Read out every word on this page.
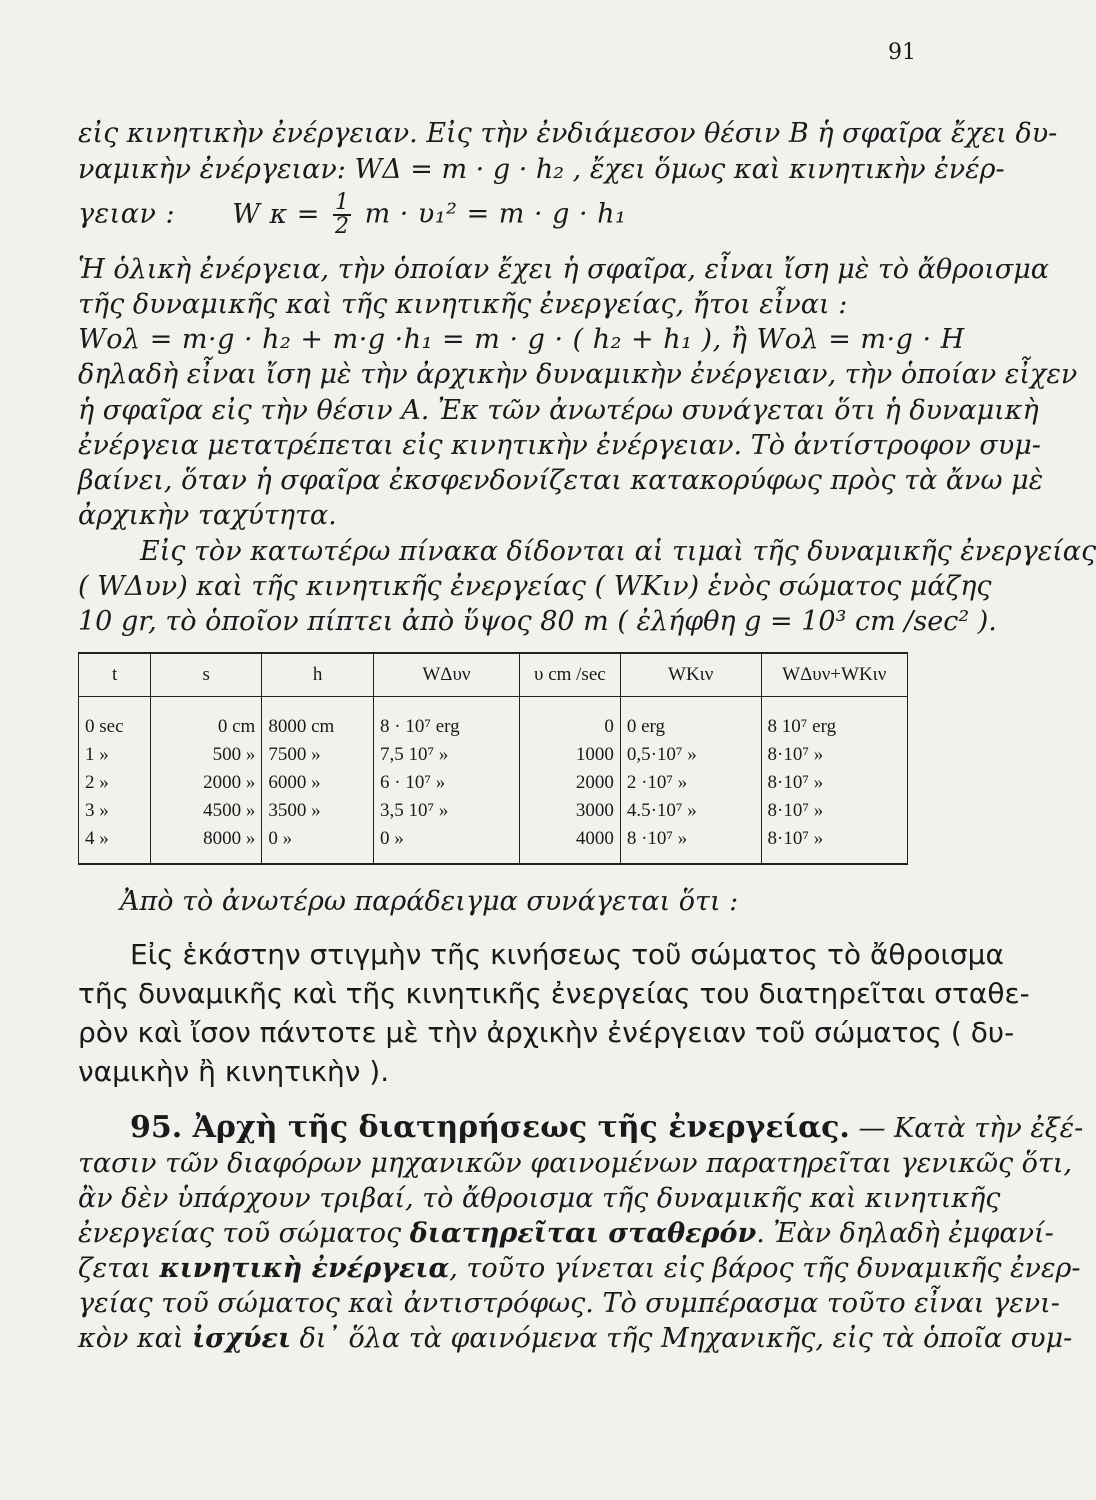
91
εἰς κινητικὴν ἐνέργειαν. Εἰς τὴν ἐνδιάμεσον θέσιν Β ἡ σφαῖρα ἔχει δυ-
ναμικὴν ἐνέργειαν: WΔ = m · g · h₂ , ἔχει ὅμως καὶ κινητικὴν ἐνέρ-
γειαν : W $\kappa = \frac{1}{2}$ m · υ₁² = m · g · h₁
Ἡ ὁλικὴ ἐνέργεια, τὴν ὁποίαν ἔχει ἡ σφαῖρα, εἶναι ἴση μὲ τὸ ἄθροισμα
τῆς δυναμικῆς καὶ τῆς κινητικῆς ἐνεργείας, ἤτοι εἶναι :
Wολ = m·g · h₂ + m·g ·h₁ = m · g · ( h₂ + h₁ ), ἢ Wολ = m·g · H
δηλαδὴ εἶναι ἴση μὲ τὴν ἀρχικὴν δυναμικὴν ἐνέργειαν, τὴν ὁποίαν εἶχεν
ἡ σφαῖρα εἰς τὴν θέσιν Α. Ἐκ τῶν ἀνωτέρω συνάγεται ὅτι ἡ δυναμικὴ
ἐνέργεια μετατρέπεται εἰς κινητικὴν ἐνέργειαν. Τὸ ἀντίστροφον συμ-
βαίνει, ὅταν ἡ σφαῖρα ἐκσφενδονίζεται κατακορύφως πρὸς τὰ ἄνω μὲ
ἀρχικὴν ταχύτητα.
Εἰς τὸν κατωτέρω πίνακα δίδονται αἱ τιμαὶ τῆς δυναμικῆς ἐνεργείας
( WΔυν) καὶ τῆς κινητικῆς ἐνεργείας ( WΚιν) ἑνὸς σώματος μάζης
10 gr, τὸ ὁποῖον πίπτει ἀπὸ ὕψος 80 m ( ἐλήφθη g = 10³ cm /sec² ).
t	s	h	WΔυν	υ cm /sec	WΚιν	WΔυν+WΚιν
0 sec	0 cm	8000 cm	8 · 10⁷ erg	0	0 erg	8 10⁷ erg
1 »	500 »	7500 »	7,5 10⁷ »	1000	0,5·10⁷ »	8·10⁷ »
2 »	2000 »	6000 »	6 · 10⁷ »	2000	2 ·10⁷ »	8·10⁷ »
3 »	4500 »	3500 »	3,5 10⁷ »	3000	4.5·10⁷ »	8·10⁷ »
4 »	8000 »	0 »	0 »	4000	8 ·10⁷ »	8·10⁷ »
Ἀπὸ τὸ ἀνωτέρω παράδειγμα συνάγεται ὅτι :
Εἰς ἑκάστην στιγμὴν τῆς κινήσεως τοῦ σώματος τὸ ἄθροισμα
τῆς δυναμικῆς καὶ τῆς κινητικῆς ἐνεργείας του διατηρεῖται σταθε-
ρὸν καὶ ἴσον πάντοτε μὲ τὴν ἀρχικὴν ἐνέργειαν τοῦ σώματος ( δυ-
ναμικὴν ἢ κινητικὴν ).
95. Ἀρχὴ τῆς διατηρήσεως τῆς ἐνεργείας. — Κατὰ τὴν ἐξέ-
τασιν τῶν διαφόρων μηχανικῶν φαινομένων παρατηρεῖται γενικῶς ὅτι,
ἂν δὲν ὑπάρχουν τριβαί, τὸ ἄθροισμα τῆς δυναμικῆς καὶ κινητικῆς
ἐνεργείας τοῦ σώματος διατηρεῖται σταθερόν. Ἐὰν δηλαδὴ ἐμφανί-
ζεται κινητικὴ ἐνέργεια, τοῦτο γίνεται εἰς βάρος τῆς δυναμικῆς ἐνερ-
γείας τοῦ σώματος καὶ ἀντιστρόφως. Τὸ συμπέρασμα τοῦτο εἶναι γενι-
κὸν καὶ ἰσχύει δι᾽ ὅλα τὰ φαινόμενα τῆς Μηχανικῆς, εἰς τὰ ὁποῖα συμ-
